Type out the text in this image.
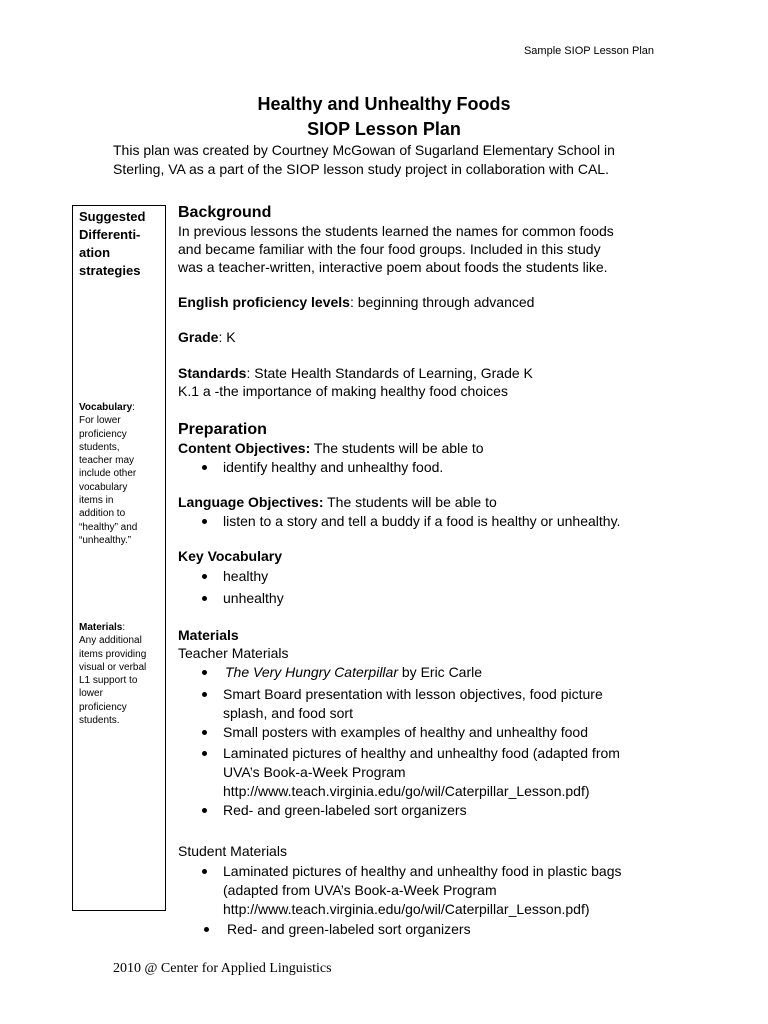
Sample SIOP Lesson Plan
Healthy and Unhealthy Foods
SIOP Lesson Plan
This plan was created by Courtney McGowan of Sugarland Elementary School in
Sterling, VA as a part of the SIOP lesson study project in collaboration with CAL.
Suggested
Differenti-
ation
strategies
Vocabulary:
For lower
proficiency
students,
teacher may
include other
vocabulary
items in
addition to
“healthy” and
“unhealthy.”
Materials:
Any additional
items providing
visual or verbal
L1 support to
lower
proficiency
students.
Background
In previous lessons the students learned the names for common foods
and became familiar with the four food groups. Included in this study
was a teacher-written, interactive poem about foods the students like.
English proficiency levels: beginning through advanced
Grade: K
Standards: State Health Standards of Learning, Grade K
K.1 a -the importance of making healthy food choices
Preparation
Content Objectives: The students will be able to
identify healthy and unhealthy food.
Language Objectives: The students will be able to
listen to a story and tell a buddy if a food is healthy or unhealthy.
Key Vocabulary
healthy
unhealthy
Materials
Teacher Materials
The Very Hungry Caterpillar by Eric Carle
Smart Board presentation with lesson objectives, food picture
splash, and food sort
Small posters with examples of healthy and unhealthy food
Laminated pictures of healthy and unhealthy food (adapted from
UVA’s Book-a-Week Program
http://www.teach.virginia.edu/go/wil/Caterpillar_Lesson.pdf)
Red- and green-labeled sort organizers
Student Materials
Laminated pictures of healthy and unhealthy food in plastic bags
(adapted from UVA’s Book-a-Week Program
http://www.teach.virginia.edu/go/wil/Caterpillar_Lesson.pdf)
Red- and green-labeled sort organizers
2010 @ Center for Applied Linguistics
